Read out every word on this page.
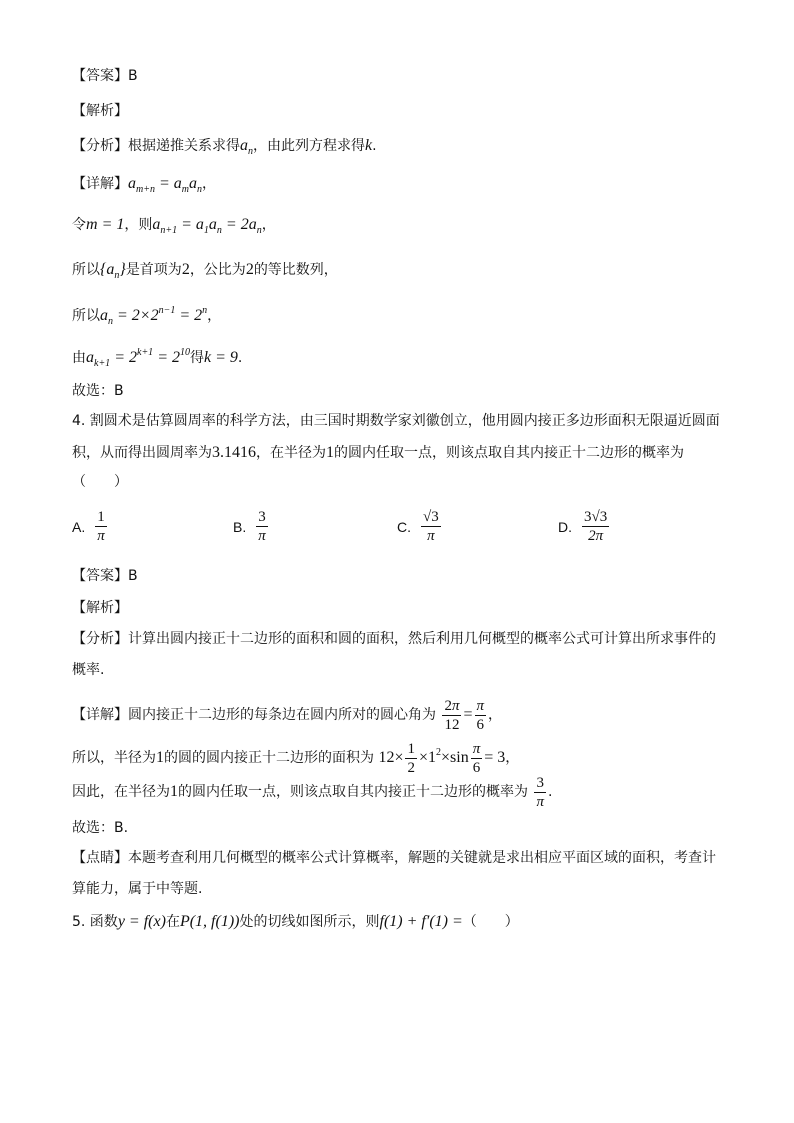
【答案】B
【解析】
【分析】根据递推关系求得$a_n$，由此列方程求得k.
【详解】$a_{m+n} = a_ma_n$，
令m = 1，则$a_{n+1} = a_1a_n = 2a_n$，
所以$\{a_n\}$是首项为2，公比为2的等比数列，
所以$a_n = 2\times 2^{n-1} = 2^n$，
由$a_{k+1} = 2^{k+1} = 2^{10}$得k = 9.
故选：B
4. 割圆术是估算圆周率的科学方法，由三国时期数学家刘徽创立，他用圆内接正多边形面积无限逼近圆面
积，从而得出圆周率为3.1416，在半径为1的圆内任取一点，则该点取自其内接正十二边形的概率为
（　　）
A. $\frac{1}{\pi}$	B. $\frac{3}{\pi}$	C. $\frac{√3}{\pi}$	D. $\frac{3√3}{2\pi}$
【答案】B
【解析】
【分析】计算出圆内接正十二边形的面积和圆的面积，然后利用几何概型的概率公式可计算出所求事件的
概率.
【详解】圆内接正十二边形的每条边在圆内所对的圆心角为 $\frac{2\pi}{12} = \frac{\pi}{6}$ ，
所以，半径为1的圆的圆内接正十二边形的面积为 $12\times \frac{1}{2} \times 1^2\times\sin \frac{\pi}{6} = 3$，
因此，在半径为1的圆内任取一点，则该点取自其内接正十二边形的概率为 $\frac{3}{\pi}$ .
故选：B.
【点睛】本题考查利用几何概型的概率公式计算概率，解题的关键就是求出相应平面区域的面积，考查计
算能力，属于中等题.
5. 函数y = f(x)在P(1, f(1))处的切线如图所示，则f(1) + f′(1) =（　　）
